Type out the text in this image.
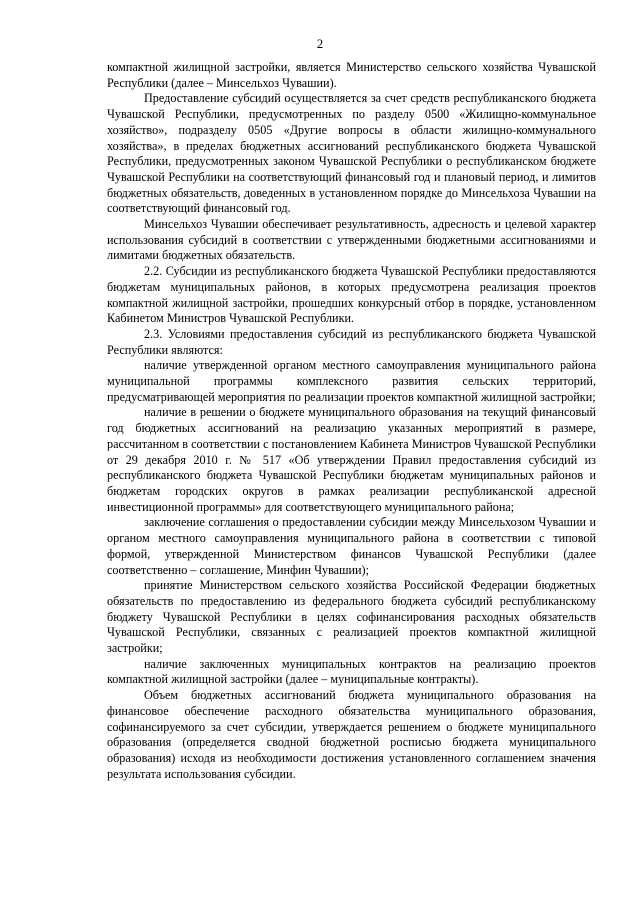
2

компактной жилищной застройки, является Министерство сельского хозяйства Чувашской Республики (далее – Минсельхоз Чувашии).

Предоставление субсидий осуществляется за счет средств республиканского бюджета Чувашской Республики, предусмотренных по разделу 0500 «Жилищно-коммунальное хозяйство», подразделу 0505 «Другие вопросы в области жилищно-коммунального хозяйства», в пределах бюджетных ассигнований республиканского бюджета Чувашской Республики, предусмотренных законом Чувашской Республики о республиканском бюджете Чувашской Республики на соответствующий финансовый год и плановый период, и лимитов бюджетных обязательств, доведенных в установленном порядке до Минсельхоза Чувашии на соответствующий финансовый год.

Минсельхоз Чувашии обеспечивает результативность, адресность и целевой характер использования субсидий в соответствии с утвержденными бюджетными ассигнованиями и лимитами бюджетных обязательств.

2.2. Субсидии из республиканского бюджета Чувашской Республики предоставляются бюджетам муниципальных районов, в которых предусмотрена реализация проектов компактной жилищной застройки, прошедших конкурсный отбор в порядке, установленном Кабинетом Министров Чувашской Республики.

2.3. Условиями предоставления субсидий из республиканского бюджета Чувашской Республики являются:

наличие утвержденной органом местного самоуправления муниципального района муниципальной программы комплексного развития сельских территорий, предусматривающей мероприятия по реализации проектов компактной жилищной застройки;

наличие в решении о бюджете муниципального образования на текущий финансовый год бюджетных ассигнований на реализацию указанных мероприятий в размере, рассчитанном в соответствии с постановлением Кабинета Министров Чувашской Республики от 29 декабря 2010 г. № 517 «Об утверждении Правил предоставления субсидий из республиканского бюджета Чувашской Республики бюджетам муниципальных районов и бюджетам городских округов в рамках реализации республиканской адресной инвестиционной программы» для соответствующего муниципального района;

заключение соглашения о предоставлении субсидии между Минсельхозом Чувашии и органом местного самоуправления муниципального района в соответствии с типовой формой, утвержденной Министерством финансов Чувашской Республики (далее соответственно – соглашение, Минфин Чувашии);

принятие Министерством сельского хозяйства Российской Федерации бюджетных обязательств по предоставлению из федерального бюджета субсидий республиканскому бюджету Чувашской Республики в целях софинансирования расходных обязательств Чувашской Республики, связанных с реализацией проектов компактной жилищной застройки;

наличие заключенных муниципальных контрактов на реализацию проектов компактной жилищной застройки (далее – муниципальные контракты).

Объем бюджетных ассигнований бюджета муниципального образования на финансовое обеспечение расходного обязательства муниципального образования, софинансируемого за счет субсидии, утверждается решением о бюджете муниципального образования (определяется сводной бюджетной росписью бюджета муниципального образования) исходя из необходимости достижения установленного соглашением значения результата использования субсидии.
